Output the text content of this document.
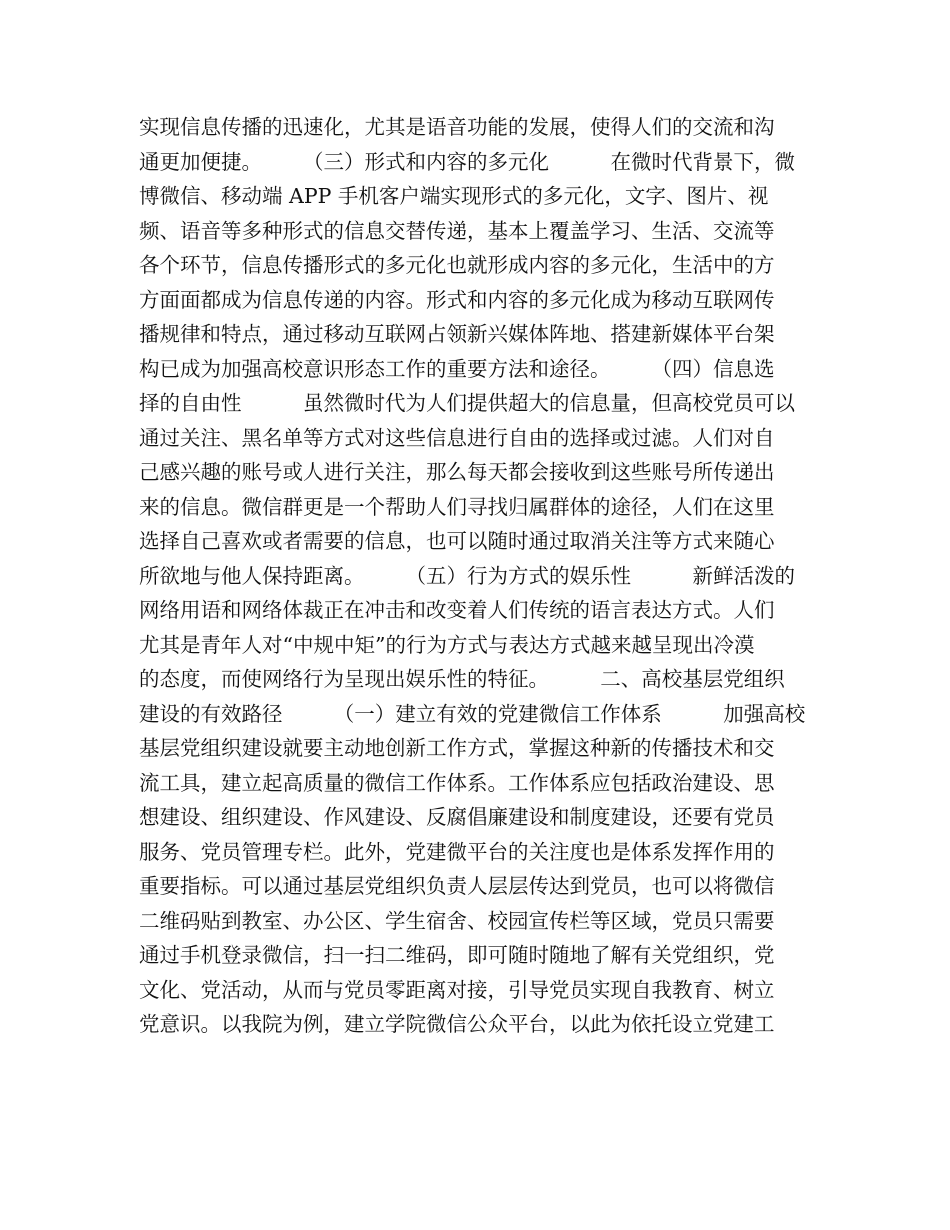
实现信息传播的迅速化，尤其是语音功能的发展，使得人们的交流和沟
通更加便捷。　　　（三）形式和内容的多元化　　　在微时代背景下，微
博微信、移动端 APP 手机客户端实现形式的多元化，文字、图片、视
频、语音等多种形式的信息交替传递，基本上覆盖学习、生活、交流等
各个环节，信息传播形式的多元化也就形成内容的多元化，生活中的方
方面面都成为信息传递的内容。形式和内容的多元化成为移动互联网传
播规律和特点，通过移动互联网占领新兴媒体阵地、搭建新媒体平台架
构已成为加强高校意识形态工作的重要方法和途径。　　　（四）信息选
择的自由性　　　虽然微时代为人们提供超大的信息量，但高校党员可以
通过关注、黑名单等方式对这些信息进行自由的选择或过滤。人们对自
己感兴趣的账号或人进行关注，那么每天都会接收到这些账号所传递出
来的信息。微信群更是一个帮助人们寻找归属群体的途径，人们在这里
选择自己喜欢或者需要的信息，也可以随时通过取消关注等方式来随心
所欲地与他人保持距离。　　　（五）行为方式的娱乐性　　　新鲜活泼的
网络用语和网络体裁正在冲击和改变着人们传统的语言表达方式。人们
尤其是青年人对“中规中矩”的行为方式与表达方式越来越呈现出冷漠
的态度，而使网络行为呈现出娱乐性的特征。　　　二、高校基层党组织
建设的有效路径　　　（一）建立有效的党建微信工作体系　　　加强高校
基层党组织建设就要主动地创新工作方式，掌握这种新的传播技术和交
流工具，建立起高质量的微信工作体系。工作体系应包括政治建设、思
想建设、组织建设、作风建设、反腐倡廉建设和制度建设，还要有党员
服务、党员管理专栏。此外，党建微平台的关注度也是体系发挥作用的
重要指标。可以通过基层党组织负责人层层传达到党员，也可以将微信
二维码贴到教室、办公区、学生宿舍、校园宣传栏等区域，党员只需要
通过手机登录微信，扫一扫二维码，即可随时随地了解有关党组织，党
文化、党活动，从而与党员零距离对接，引导党员实现自我教育、树立
党意识。以我院为例，建立学院微信公众平台，以此为依托设立党建工
